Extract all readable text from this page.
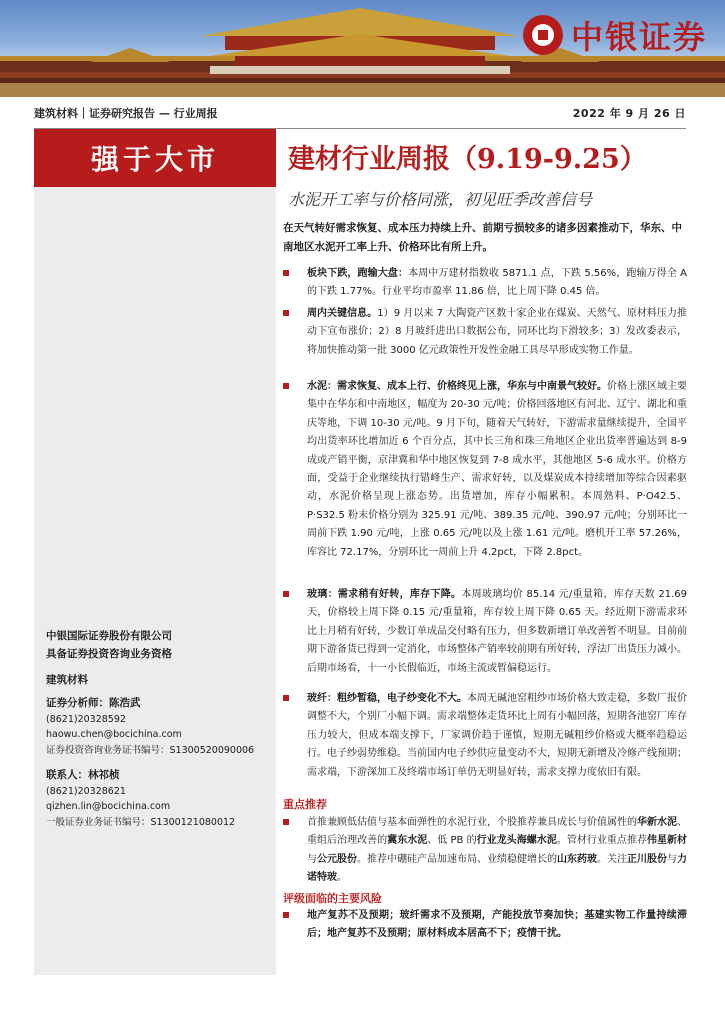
中银证券
建筑材料｜证券研究报告 — 行业周报	2022 年 9 月 26 日
强于大市
中银国际证券股份有限公司
具备证券投资咨询业务资格
建筑材料
证券分析师：陈浩武
(8621)20328592
haowu.chen@bocichina.com
证券投资咨询业务证书编号：S1300520090006
联系人：林祁桢
(8621)20328621
qizhen.lin@bocichina.com
一般证券业务证书编号：S1300121080012
建材行业周报（9.19-9.25）
水泥开工率与价格同涨，初见旺季改善信号
在天气转好需求恢复、成本压力持续上升、前期亏损较多的诸多因素推动下，华东、中南地区水泥开工率上升、价格环比有所上升。
板块下跌，跑输大盘：本周中万建材指数收 5871.1 点，下跌 5.56%，跑输万得全 A 的下跌 1.77%。行业平均市盈率 11.86 倍，比上周下降 0.45 倍。
周内关键信息。1）9 月以来 7 大陶瓷产区数十家企业在煤炭、天然气、原材料压力推动下宣布涨价；2）8 月玻纤进出口数据公布，同环比均下滑较多；3）发改委表示，将加快推动第一批 3000 亿元政策性开发性金融工具尽早形成实物工作量。
水泥：需求恢复、成本上行、价格终见上涨，华东与中南景气较好。价格上涨区域主要集中在华东和中南地区，幅度为 20-30 元/吨；价格回落地区有河北、辽宁、湖北和重庆等地，下调 10-30 元/吨。9 月下旬，随着天气转好，下游需求量继续提升，全国平均出货率环比增加近 6 个百分点，其中长三角和珠三角地区企业出货率普遍达到 8-9 成或产销平衡，京津冀和华中地区恢复到 7-8 成水平，其他地区 5-6 成水平。价格方面，受益于企业继续执行错峰生产、需求好转，以及煤炭成本持续增加等综合因素驱动，水泥价格呈现上涨态势。出货增加，库存小幅累积。本周熟料、P·O42.5、P·S32.5 粉末价格分别为 325.91 元/吨、389.35 元/吨、390.97 元/吨；分别环比一周前下跌 1.90 元/吨，上涨 0.65 元/吨以及上涨 1.61 元/吨。磨机开工率 57.26%，库容比 72.17%，分别环比一周前上升 4.2pct，下降 2.8pct。
玻璃：需求稍有好转，库存下降。本周玻璃均价 85.14 元/重量箱，库存天数 21.69 天，价格较上周下降 0.15 元/重量箱，库存较上周下降 0.65 天。经近期下游需求环比上月稍有好转，少数订单成品交付略有压力，但多数新增订单改善暂不明显。目前前期下游备货已得到一定消化，市场整体产销率较前期有所好转，浮法厂出货压力减小。后期市场看，十一小长假临近，市场主流或暂偏稳运行。
玻纤：粗纱暂稳，电子纱变化不大。本周无碱池窑粗纱市场价格大致走稳，多数厂报价调整不大，个别厂小幅下调。需求端整体走货环比上周有小幅回落，短期各池窑厂库存压力较大，但成本端支撑下，厂家调价趋于谨慎，短期无碱粗纱价格或大概率趋稳运行。电子纱弱势维稳。当前国内电子纱供应量变动不大，短期无新增及冷修产线预期；需求端，下游深加工及终端市场订单仍无明显好转，需求支撑力度依旧有限。
重点推荐
首推兼顾低估值与基本面弹性的水泥行业，个股推荐兼具成长与价值属性的华新水泥、重组后治理改善的冀东水泥、低 PB 的行业龙头海螺水泥。管材行业重点推荐伟星新材与公元股份。推荐中硼硅产品加速布局、业绩稳健增长的山东药玻。关注正川股份与力诺特玻。
评级面临的主要风险
地产复苏不及预期；玻纤需求不及预期，产能投放节奏加快；基建实物工作量持续滞后；地产复苏不及预期；原材料成本居高不下；疫情干扰。
